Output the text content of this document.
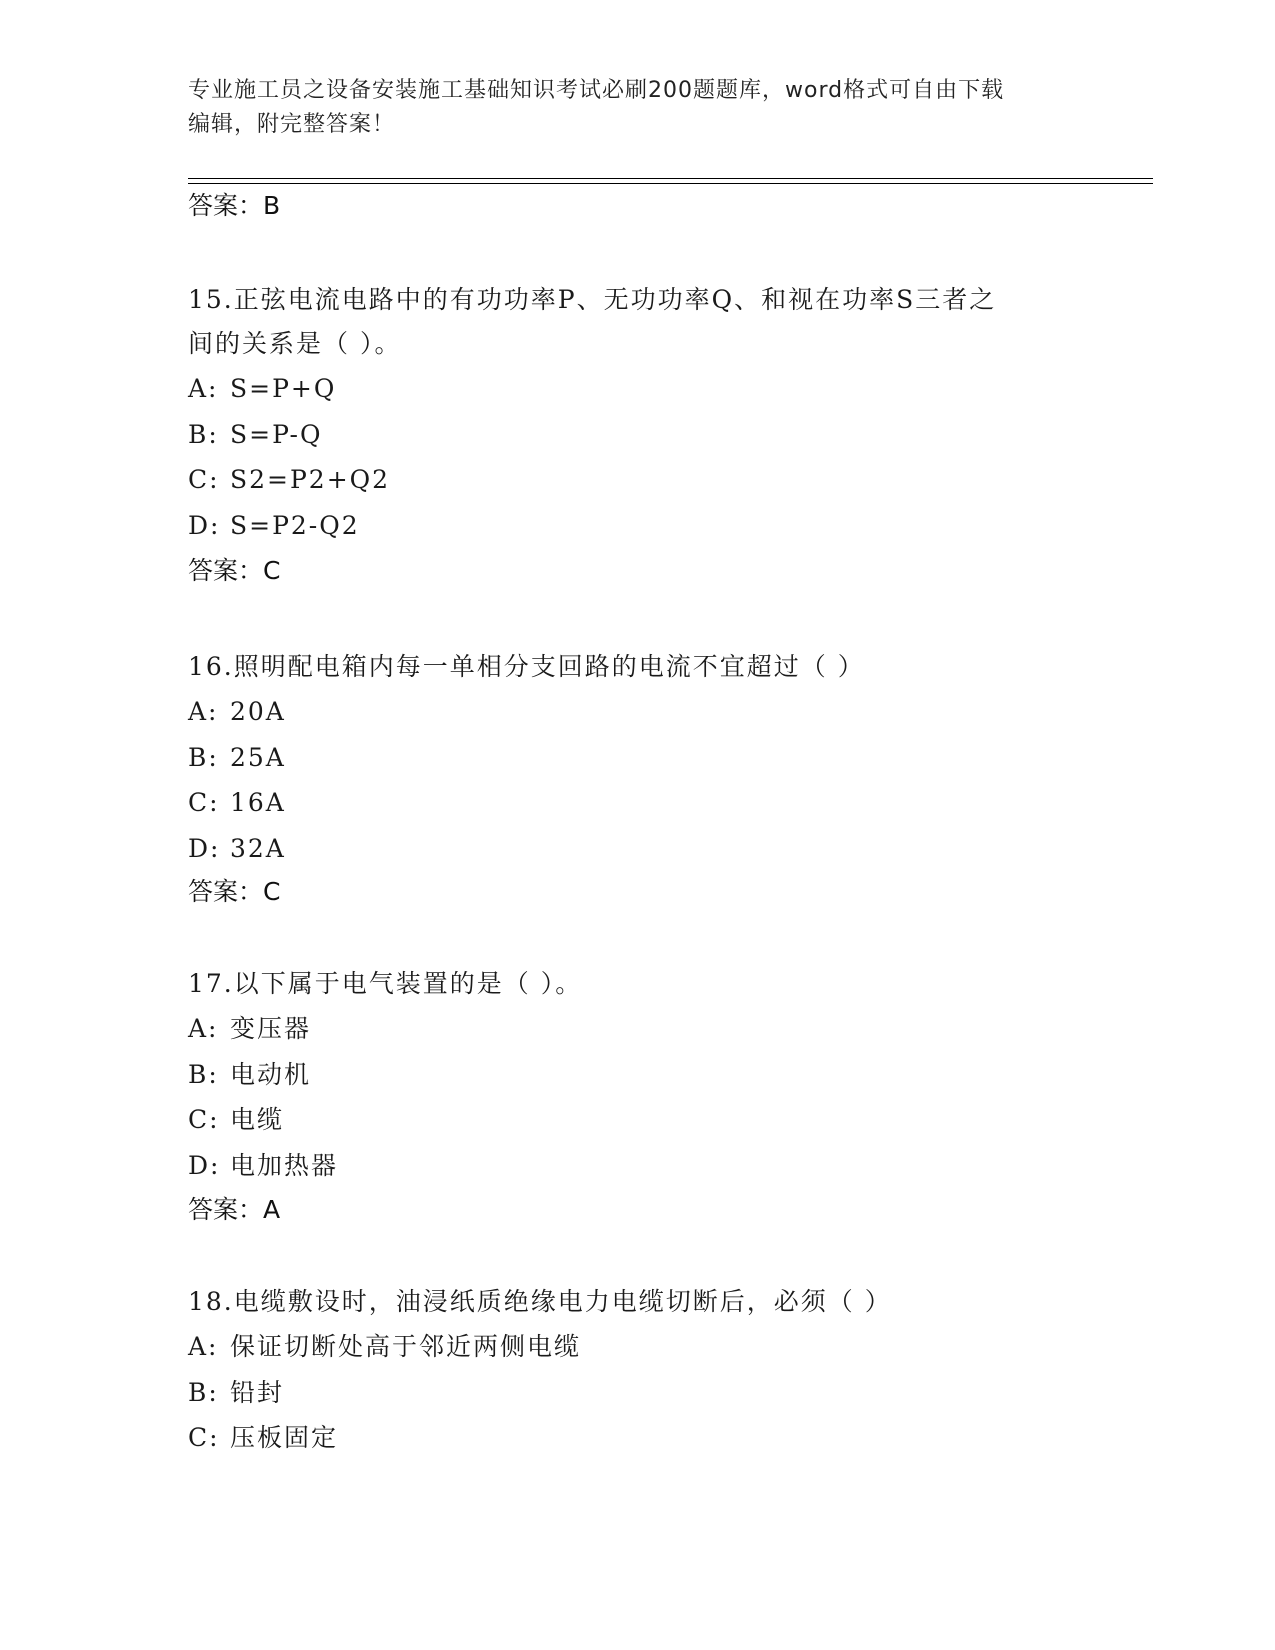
专业施工员之设备安装施工基础知识考试必刷200题题库，word格式可自由下载
编辑，附完整答案！
答案：B
15.正弦电流电路中的有功功率P、无功功率Q、和视在功率S三者之
间的关系是（ ）。
A: S=P+Q
B: S=P-Q
C: S2=P2+Q2
D: S=P2-Q2
答案：C
16.照明配电箱内每一单相分支回路的电流不宜超过（ ）
A: 20A
B: 25A
C: 16A
D: 32A
答案：C
17.以下属于电气装置的是（ ）。
A: 变压器
B: 电动机
C: 电缆
D: 电加热器
答案：A
18.电缆敷设时，油浸纸质绝缘电力电缆切断后，必须（ ）
A: 保证切断处高于邻近两侧电缆
B: 铅封
C: 压板固定
